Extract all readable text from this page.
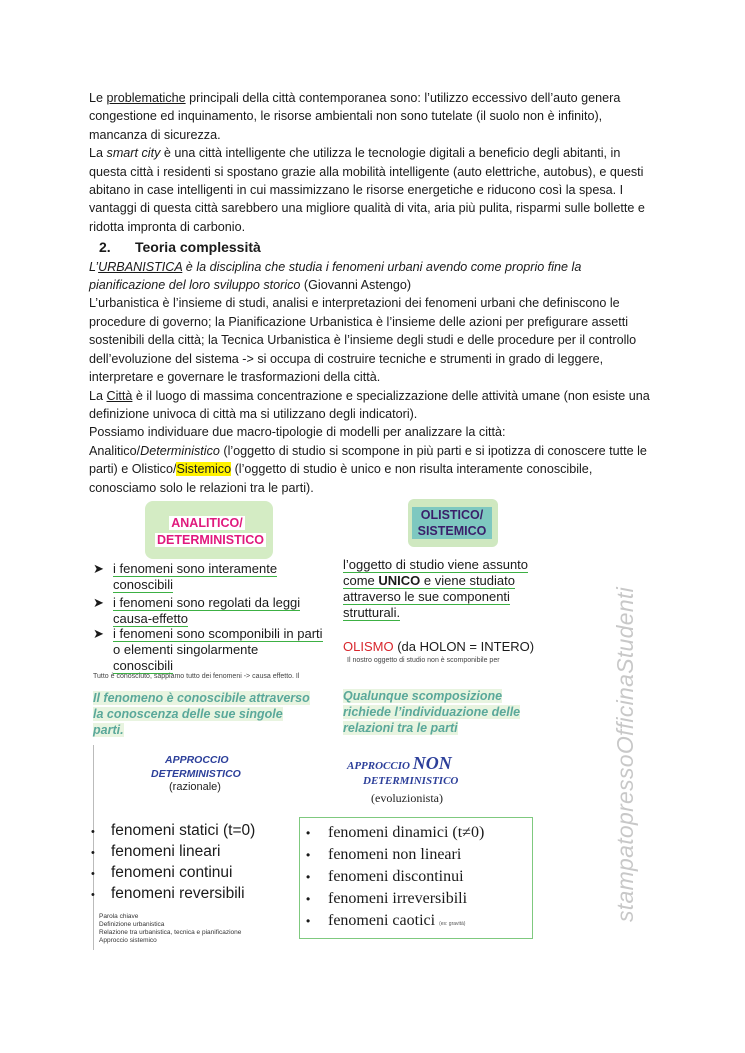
Le problematiche principali della città contemporanea sono: l’utilizzo eccessivo dell’auto genera congestione ed inquinamento, le risorse ambientali non sono tutelate (il suolo non è infinito), mancanza di sicurezza.

La smart city è una città intelligente che utilizza le tecnologie digitali a beneficio degli abitanti, in questa città i residenti si spostano grazie alla mobilità intelligente (auto elettriche, autobus), e questi abitano in case intelligenti in cui massimizzano le risorse energetiche e riducono così la spesa. I vantaggi di questa città sarebbero una migliore qualità di vita, aria più pulita, risparmi sulle bollette e ridotta impronta di carbonio.

2. Teoria complessità

L’URBANISTICA è la disciplina che studia i fenomeni urbani avendo come proprio fine la pianificazione del loro sviluppo storico (Giovanni Astengo)

L’urbanistica è l’insieme di studi, analisi e interpretazioni dei fenomeni urbani che definiscono le procedure di governo; la Pianificazione Urbanistica è l’insieme delle azioni per prefigurare assetti sostenibili della città; la Tecnica Urbanistica è l’insieme degli studi e delle procedure per il controllo dell’evoluzione del sistema -> si occupa di costruire tecniche e strumenti in grado di leggere, interpretare e governare le trasformazioni della città.

La Città è il luogo di massima concentrazione e specializzazione delle attività umane (non esiste una definizione univoca di città ma si utilizzano degli indicatori).

Possiamo individuare due macro-tipologie di modelli per analizzare la città:

Analitico/Deterministico (l’oggetto di studio si scompone in più parti e si ipotizza di conoscere tutte le parti) e Olistico/Sistemico (l’oggetto di studio è unico e non risulta interamente conoscibile, conosciamo solo le relazioni tra le parti).

ANALITICO/
DETERMINISTICO
OLISTICO/
SISTEMICO
➤ i fenomeni sono interamente
conoscibili
➤ i fenomeni sono regolati da leggi
causa-effetto
➤ i fenomeni sono scomponibili in parti
o elementi singolarmente
conoscibili
l’oggetto di studio viene assunto
come UNICO e viene studiato
attraverso le sue componenti
strutturali.
OLISMO (da HOLON = INTERO)
Il nostro oggetto di studio non è scomponibile per
Tutto è conosciuto, sappiamo tutto dei fenomeni -> causa effetto. Il
Il fenomeno è conoscibile attraverso
la conoscenza delle sue singole
parti.
Qualunque scomposizione
richiede l’individuazione delle
relazioni tra le parti
APPROCCIO
DETERMINISTICO
(razionale)
APPROCCIO NON
DETERMINISTICO
(evoluzionista)
• fenomeni statici (t=0)
• fenomeni lineari
• fenomeni continui
• fenomeni reversibili
• fenomeni dinamici (t≠0)
• fenomeni non lineari
• fenomeni discontinui
• fenomeni irreversibili
• fenomeni caotici (es: gravità)
Parola chiave
Definizione urbanistica
Relazione tra urbanistica, tecnica e pianificazione
Approccio sistemico
stampatopressoOfficinaStudenti
